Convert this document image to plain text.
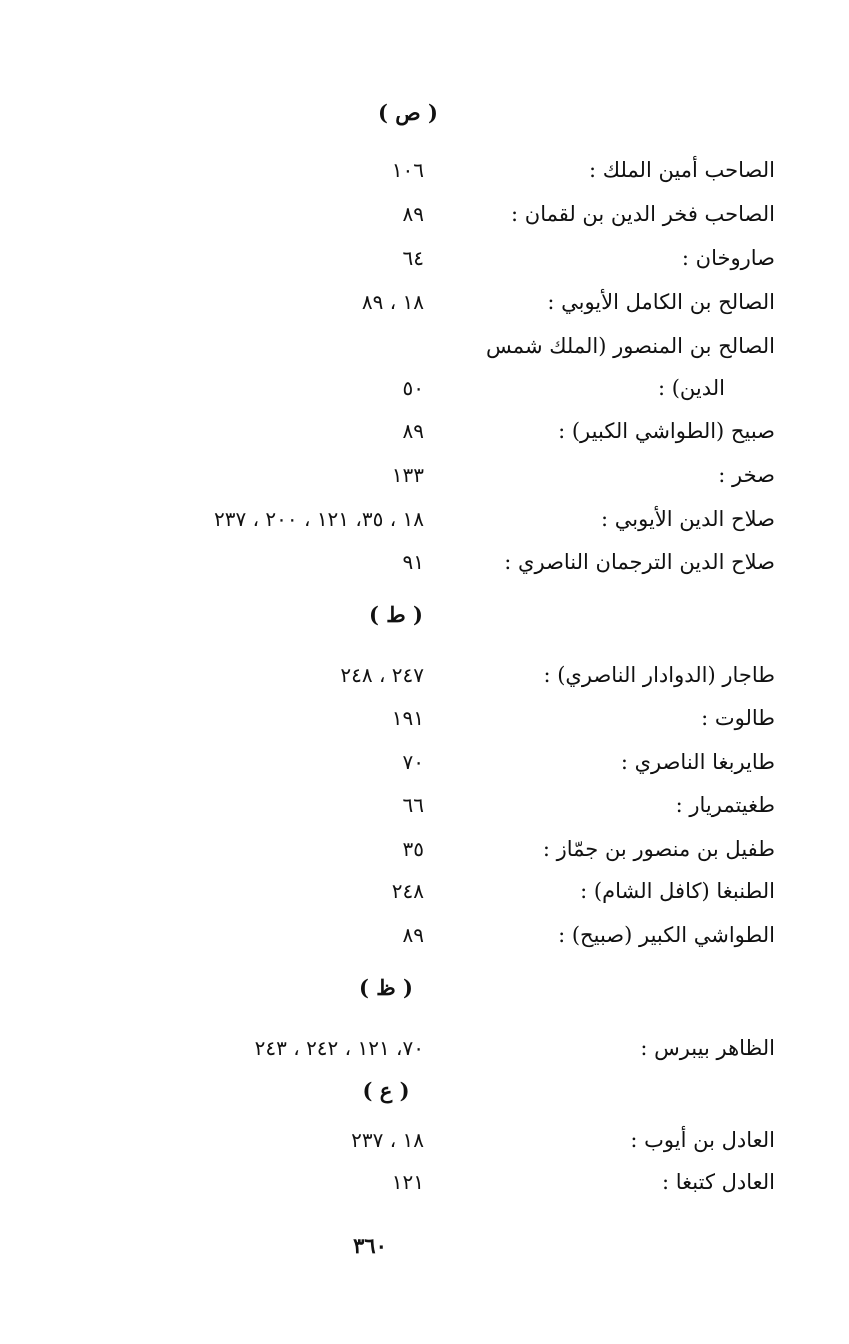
( ص )
الصاحب أمين الملك :
١٠٦
الصاحب فخر الدين بن لقمان :
٨٩
صاروخان :
٦٤
الصالح بن الكامل الأيوبي :
١٨ ، ٨٩
الصالح بن المنصور (الملك شمس
الدين) :
٥٠
صبيح (الطواشي الكبير) :
٨٩
صخر :
١٣٣
صلاح الدين الأيوبي :
١٨ ، ٣٥، ١٢١ ، ٢٠٠ ، ٢٣٧
صلاح الدين الترجمان الناصري :
٩١
( ط )
طاجار (الدوادار الناصري) :
٢٤٧ ، ٢٤٨
طالوت :
١٩١
طايربغا الناصري :
٧٠
طغيتمريار :
٦٦
طفيل بن منصور بن جمّاز :
٣٥
الطنبغا (كافل الشام) :
٢٤٨
الطواشي الكبير (صبيح) :
٨٩
( ظ )
الظاهر بيبرس :
٧٠، ١٢١ ، ٢٤٢ ، ٢٤٣
( ع )
العادل بن أيوب :
١٨ ، ٢٣٧
العادل كتبغا :
١٢١
٣٦٠
